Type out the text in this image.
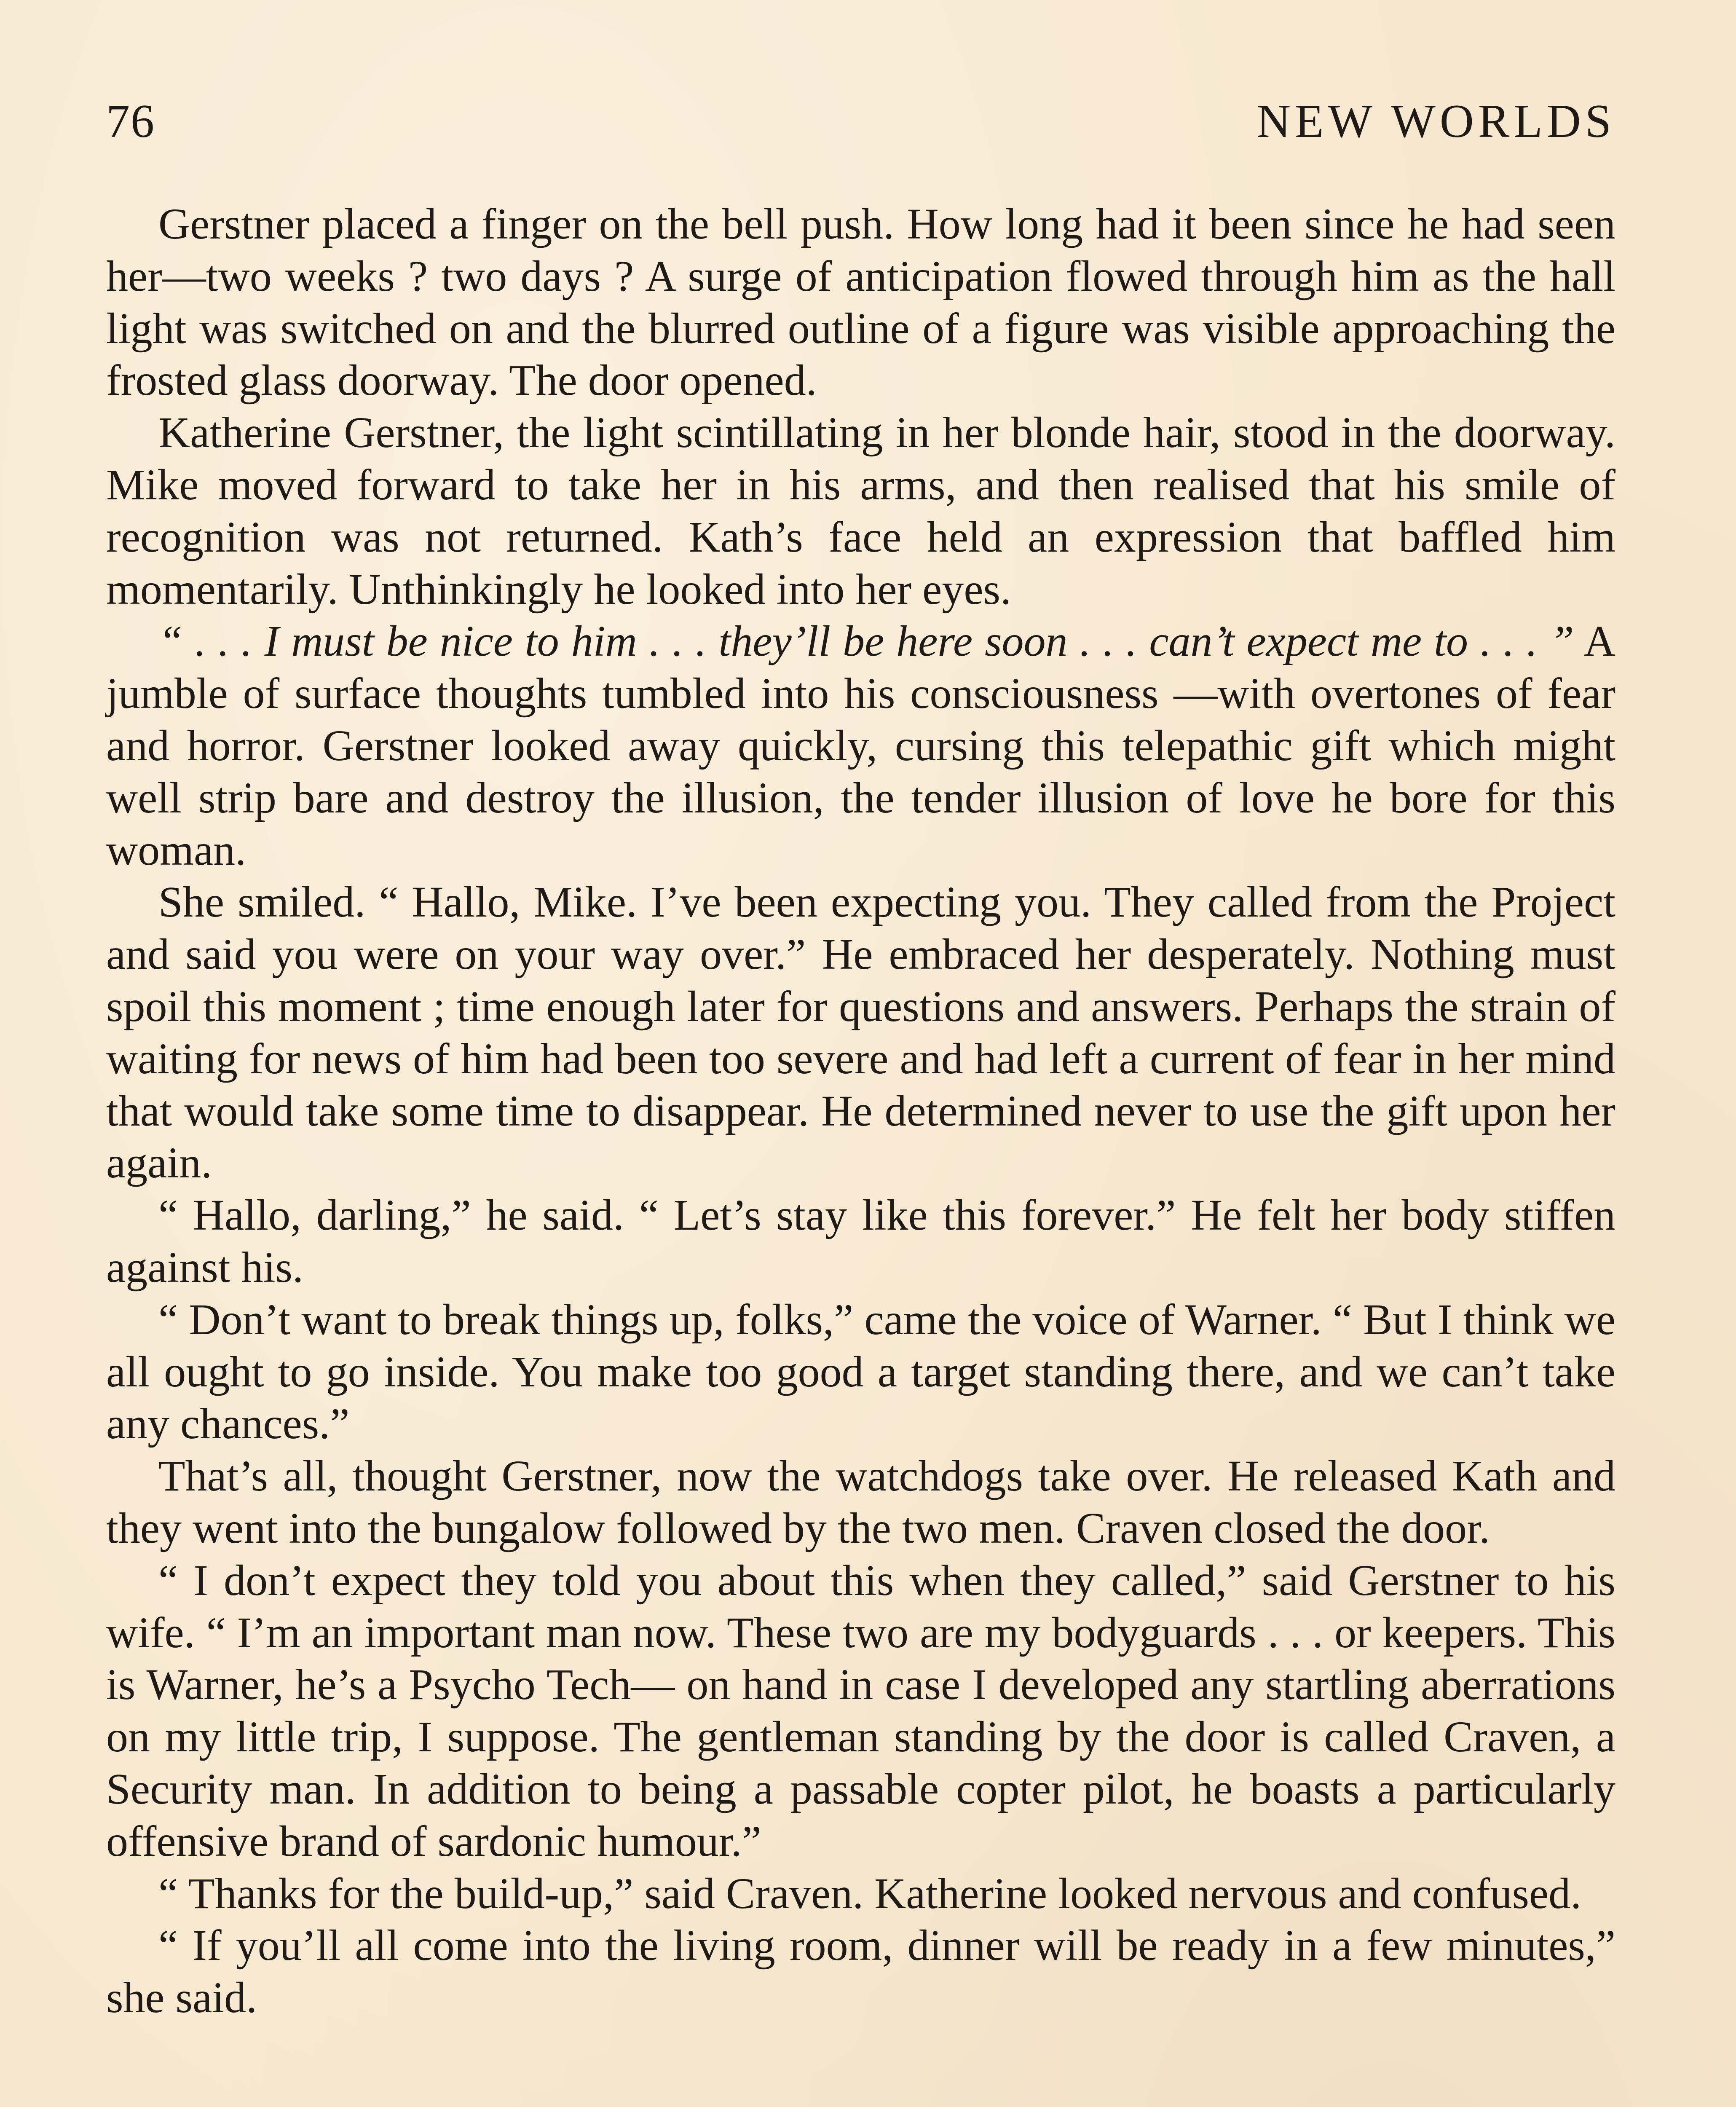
76	NEW WORLDS

Gerstner placed a finger on the bell push. How long had it been since he had seen her—two weeks ? two days ? A surge of anticipation flowed through him as the hall light was switched on and the blurred outline of a figure was visible approaching the frosted glass doorway. The door opened.

Katherine Gerstner, the light scintillating in her blonde hair, stood in the doorway. Mike moved forward to take her in his arms, and then realised that his smile of recognition was not returned. Kath’s face held an expression that baffled him momentarily. Unthinkingly he looked into her eyes.

“ . . . I must be nice to him . . . they’ll be here soon . . . can’t expect me to . . . ” A jumble of surface thoughts tumbled into his consciousness —with overtones of fear and horror. Gerstner looked away quickly, cursing this telepathic gift which might well strip bare and destroy the illusion, the tender illusion of love he bore for this woman.

She smiled. “ Hallo, Mike. I’ve been expecting you. They called from the Project and said you were on your way over.” He embraced her desperately. Nothing must spoil this moment ; time enough later for questions and answers. Perhaps the strain of waiting for news of him had been too severe and had left a current of fear in her mind that would take some time to disappear. He determined never to use the gift upon her again.

“ Hallo, darling,” he said. “ Let’s stay like this forever.” He felt her body stiffen against his.

“ Don’t want to break things up, folks,” came the voice of Warner. “ But I think we all ought to go inside. You make too good a target standing there, and we can’t take any chances.”

That’s all, thought Gerstner, now the watchdogs take over. He released Kath and they went into the bungalow followed by the two men. Craven closed the door.

“ I don’t expect they told you about this when they called,” said Gerstner to his wife. “ I’m an important man now. These two are my bodyguards . . . or keepers. This is Warner, he’s a Psycho Tech— on hand in case I developed any startling aberrations on my little trip, I suppose. The gentleman standing by the door is called Craven, a Security man. In addition to being a passable copter pilot, he boasts a particularly offensive brand of sardonic humour.”

“ Thanks for the build-up,” said Craven. Katherine looked nervous and confused.

“ If you’ll all come into the living room, dinner will be ready in a few minutes,” she said.
